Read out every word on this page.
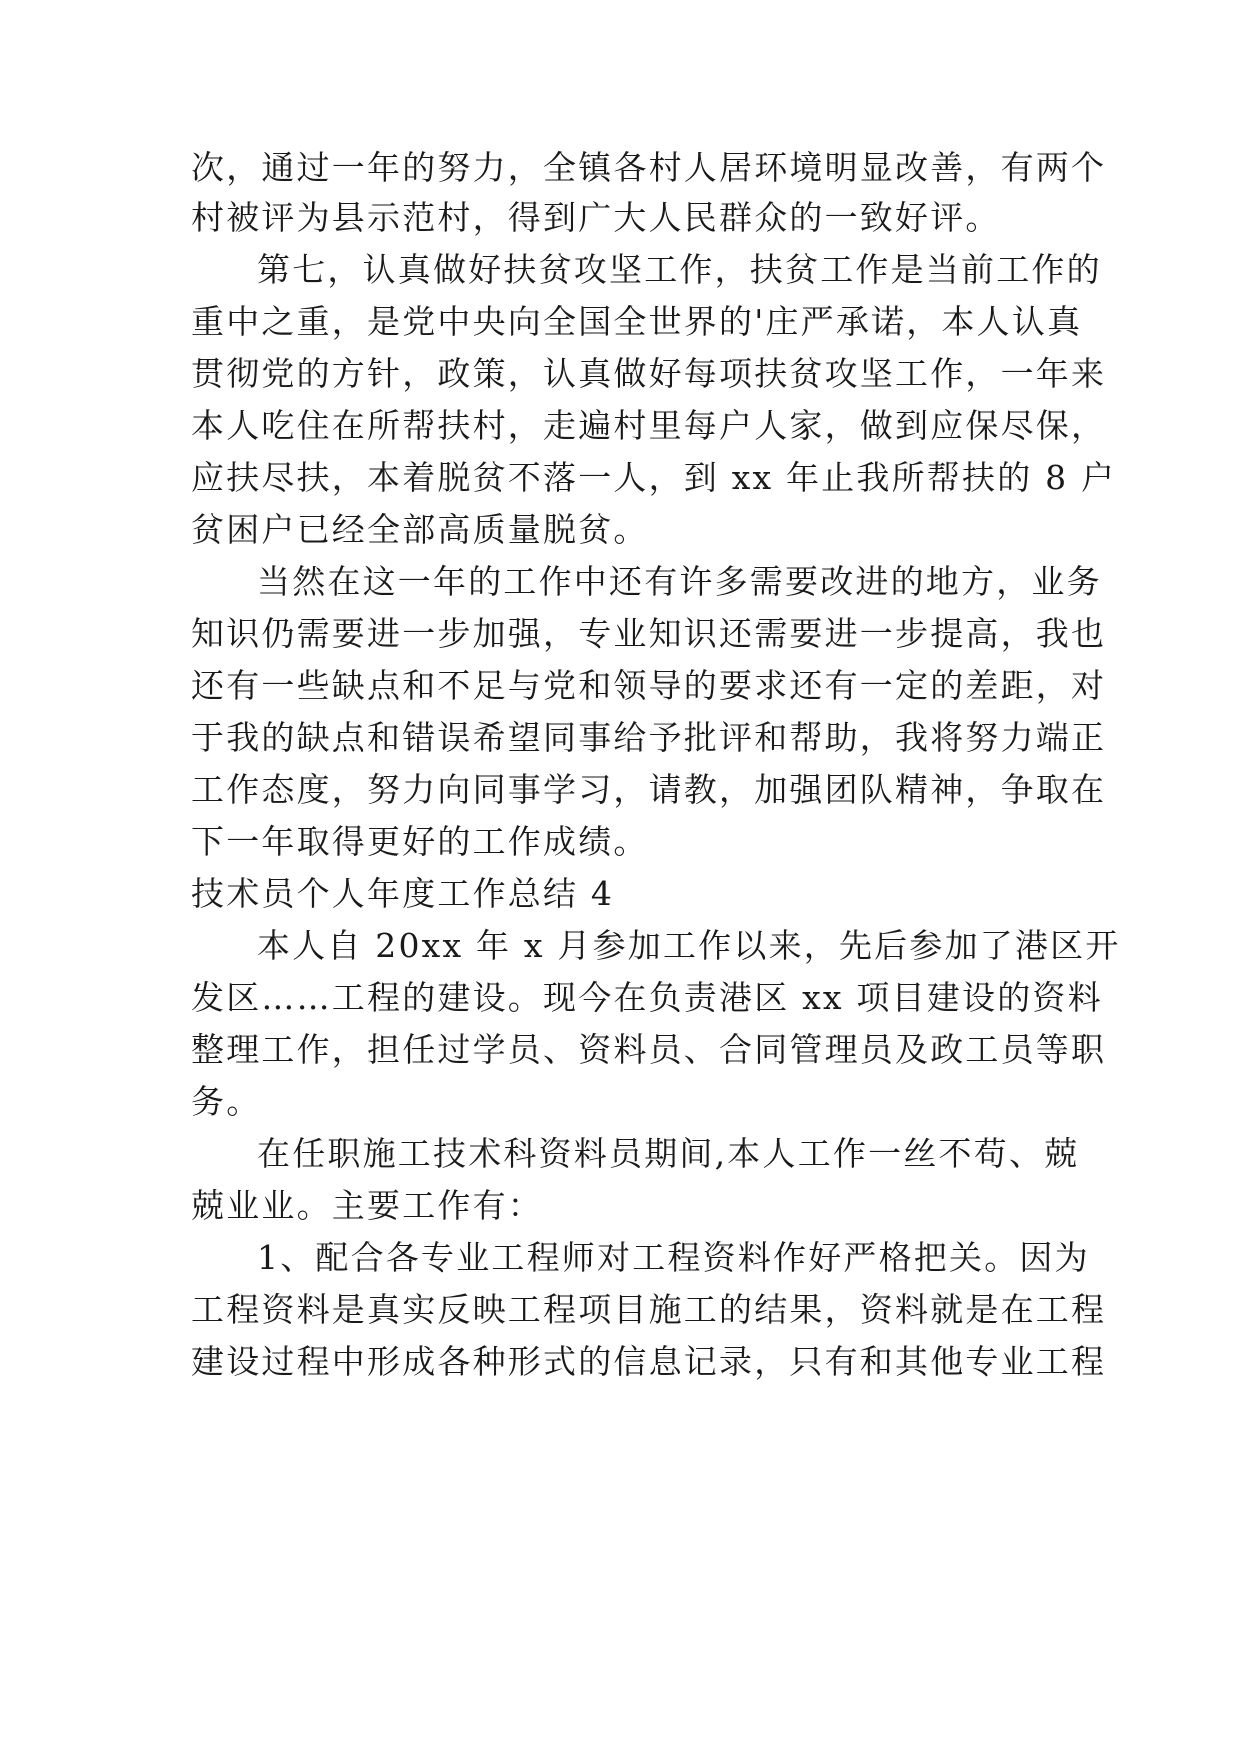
次，通过一年的努力，全镇各村人居环境明显改善，有两个
村被评为县示范村，得到广大人民群众的一致好评。
第七，认真做好扶贫攻坚工作，扶贫工作是当前工作的
重中之重，是党中央向全国全世界的'庄严承诺，本人认真
贯彻党的方针，政策，认真做好每项扶贫攻坚工作，一年来
本人吃住在所帮扶村，走遍村里每户人家，做到应保尽保，
应扶尽扶，本着脱贫不落一人，到 xx 年止我所帮扶的 8 户
贫困户已经全部高质量脱贫。
当然在这一年的工作中还有许多需要改进的地方，业务
知识仍需要进一步加强，专业知识还需要进一步提高，我也
还有一些缺点和不足与党和领导的要求还有一定的差距，对
于我的缺点和错误希望同事给予批评和帮助，我将努力端正
工作态度，努力向同事学习，请教，加强团队精神，争取在
下一年取得更好的工作成绩。
技术员个人年度工作总结 4
本人自 20xx 年 x 月参加工作以来，先后参加了港区开
发区……工程的建设。现今在负责港区 xx 项目建设的资料
整理工作，担任过学员、资料员、合同管理员及政工员等职
务。
在任职施工技术科资料员期间,本人工作一丝不苟、兢
兢业业。主要工作有：
1、配合各专业工程师对工程资料作好严格把关。因为
工程资料是真实反映工程项目施工的结果，资料就是在工程
建设过程中形成各种形式的信息记录，只有和其他专业工程
